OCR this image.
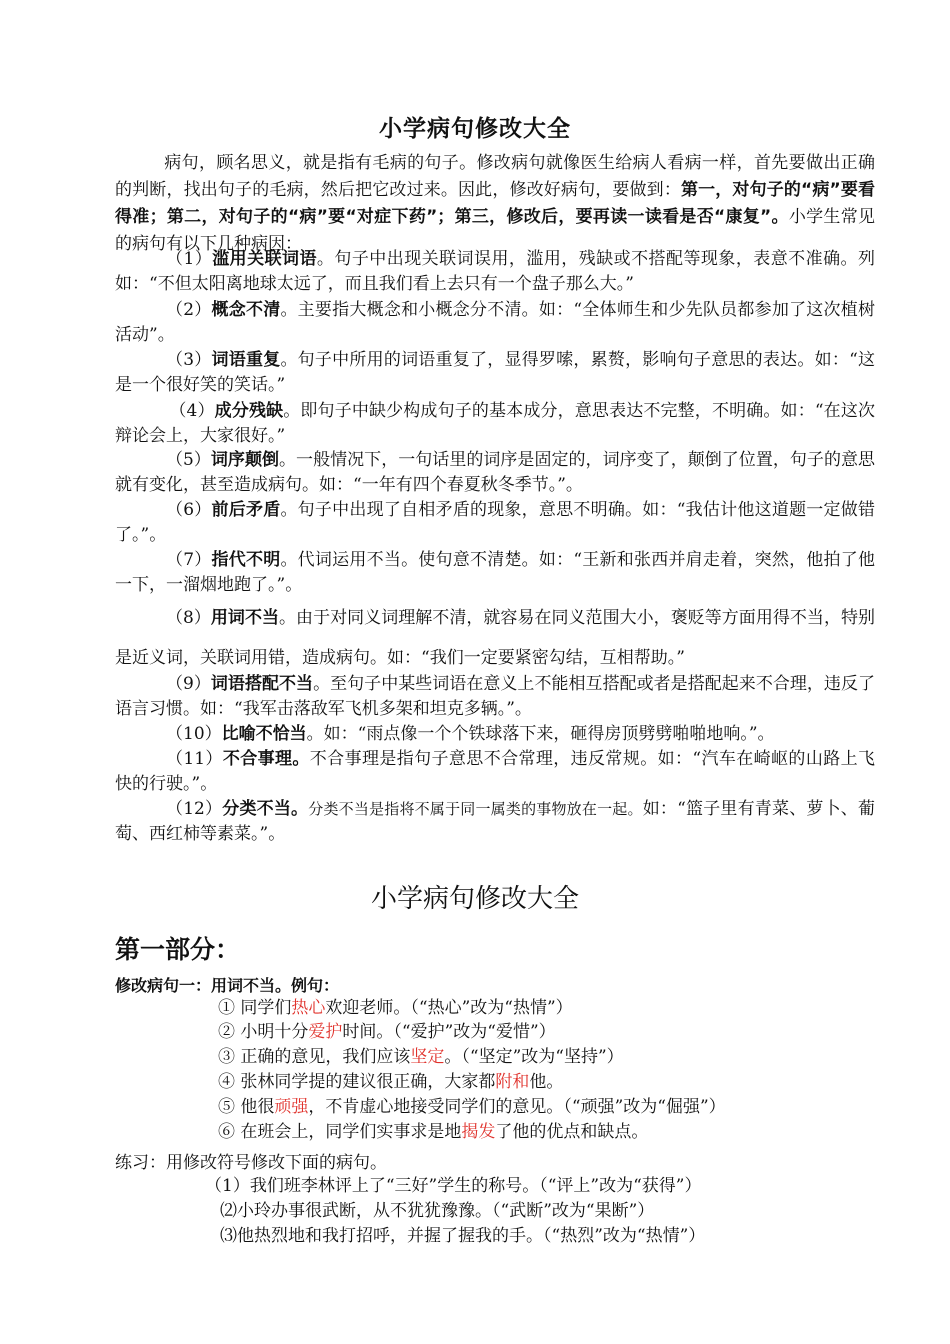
小学病句修改大全
病句，顾名思义，就是指有毛病的句子。修改病句就像医生给病人看病一样，首先要做出正确的判断，找出句子的毛病，然后把它改过来。因此，修改好病句，要做到：第一，对句子的“病”要看得准；第二，对句子的“病”要“对症下药”；第三，修改后，要再读一读看是否“康复”。小学生常见的病句有以下几种病因：
（1）滥用关联词语。句子中出现关联词误用，滥用，残缺或不搭配等现象，表意不准确。列如：“不但太阳离地球太远了，而且我们看上去只有一个盘子那么大。”
（2）概念不清。主要指大概念和小概念分不清。如：“全体师生和少先队员都参加了这次植树活动”。
（3）词语重复。句子中所用的词语重复了，显得罗嗦，累赘，影响句子意思的表达。如：“这是一个很好笑的笑话。”
（4）成分残缺。即句子中缺少构成句子的基本成分，意思表达不完整，不明确。如：“在这次辩论会上，大家很好。”
（5）词序颠倒。一般情况下，一句话里的词序是固定的，词序变了，颠倒了位置，句子的意思就有变化，甚至造成病句。如：“一年有四个春夏秋冬季节。”。
（6）前后矛盾。句子中出现了自相矛盾的现象，意思不明确。如：“我估计他这道题一定做错了。”。
（7）指代不明。代词运用不当。使句意不清楚。如：“王新和张西并肩走着，突然，他拍了他一下，一溜烟地跑了。”。
（8）用词不当。由于对同义词理解不清，就容易在同义范围大小，褒贬等方面用得不当，特别是近义词，关联词用错，造成病句。如：“我们一定要紧密勾结，互相帮助。”
（9）词语搭配不当。至句子中某些词语在意义上不能相互搭配或者是搭配起来不合理，违反了语言习惯。如：“我军击落敌军飞机多架和坦克多辆。”。
（10）比喻不恰当。如：“雨点像一个个铁球落下来，砸得房顶劈劈啪啪地响。”。
（11）不合事理。不合事理是指句子意思不合常理，违反常规。如：“汽车在崎岖的山路上飞快的行驶。”。
（12）分类不当。分类不当是指将不属于同一属类的事物放在一起。如：“篮子里有青菜、萝卜、葡萄、西红柿等素菜。”。
小学病句修改大全
第一部分：
修改病句一：用词不当。例句：
① 同学们热心欢迎老师。（“热心”改为“热情”）
② 小明十分爱护时间。（“爱护”改为“爱惜”）
③ 正确的意见，我们应该坚定。（“坚定”改为“坚持”）
④ 张林同学提的建议很正确，大家都附和他。
⑤ 他很顽强，不肯虚心地接受同学们的意见。（“顽强”改为“倔强”）
⑥ 在班会上，同学们实事求是地揭发了他的优点和缺点。
练习：用修改符号修改下面的病句。
（1）我们班李林评上了“三好”学生的称号。（“评上”改为“获得”）
⑵小玲办事很武断，从不犹犹豫豫。（“武断”改为“果断”）
⑶他热烈地和我打招呼，并握了握我的手。（“热烈”改为“热情”）
